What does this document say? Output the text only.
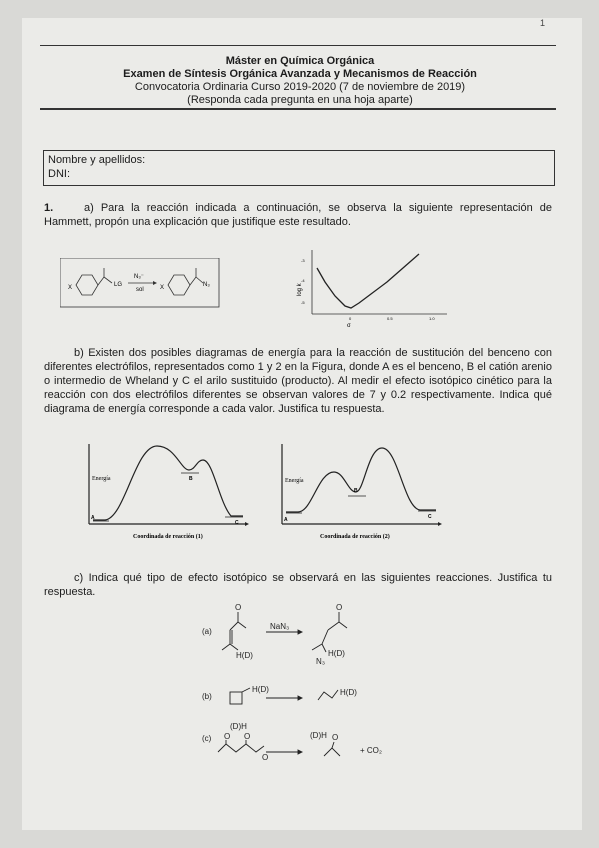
1
Máster en Química Orgánica
Examen de Síntesis Orgánica Avanzada y Mecanismos de Reacción
Convocatoria Ordinaria Curso 2019-2020 (7 de noviembre de 2019)
(Responda cada pregunta en una hoja aparte)
Nombre y apellidos:
DNI:
1.	a) Para la reacción indicada a continuación, se observa la siguiente representación de Hammett, propón una explicación que justifique este resultado.
X	LG
N₃⁻
sol	X	N₃	log k
-3
-4
-5
0	0.5	1.0
σ
b) Existen dos posibles diagramas de energía para la reacción de sustitución del benceno con diferentes electrófilos, representados como 1 y 2 en la Figura, donde A es el benceno, B el catión arenio o intermedio de Wheland y C el arilo sustituido (producto). Al medir el efecto isotópico cinético para la reacción con dos electrófilos diferentes se observan valores de 7 y 0.2 respectivamente. Indica qué diagrama de energía corresponde a cada valor. Justifica tu respuesta.
Energía
A
B
C
Coordinada de reacción (1)
Energía
A
B
C
Coordinada de reacción (2)
c) Indica qué tipo de efecto isotópico se observará en las siguientes reacciones. Justifica tu respuesta.
(a)
O
H(D)
NaN₃
O
H(D)
N₃
(b)
H(D)	H(D)
(c)
(D)H
O O
O
(D)H O
+ CO₂
